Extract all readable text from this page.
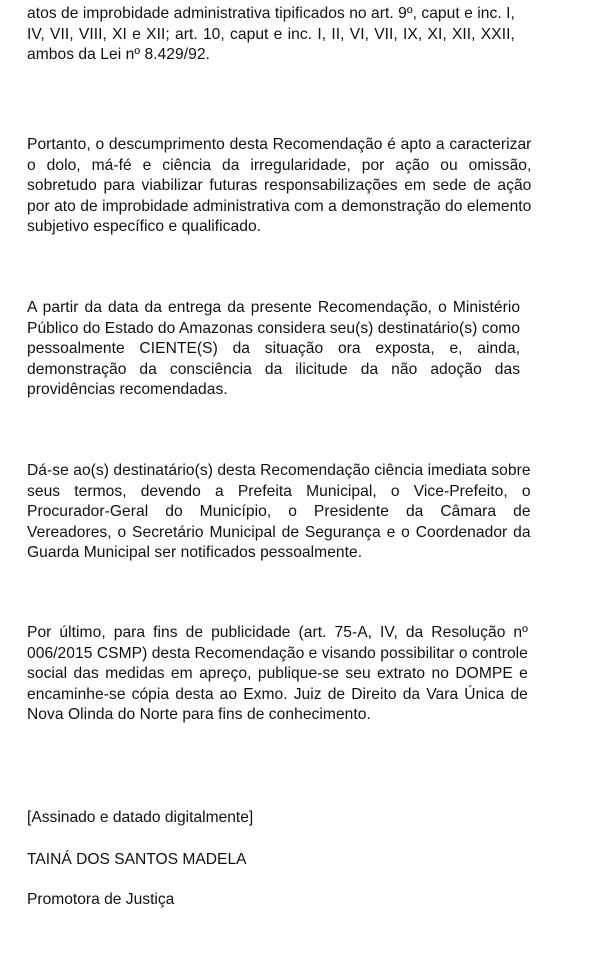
atos de improbidade administrativa tipificados no art. 9º, caput e inc. I,
IV, VII, VIII, XI e XII; art. 10, caput e inc. I, II, VI, VII, IX, XI, XII, XXII,
ambos da Lei nº 8.429/92.

Portanto, o descumprimento desta Recomendação é apto a caracterizar
o dolo, má-fé e ciência da irregularidade, por ação ou omissão,
sobretudo para viabilizar futuras responsabilizações em sede de ação
por ato de improbidade administrativa com a demonstração do elemento
subjetivo específico e qualificado.

A partir da data da entrega da presente Recomendação, o Ministério
Público do Estado do Amazonas considera seu(s) destinatário(s) como
pessoalmente CIENTE(S) da situação ora exposta, e, ainda,
demonstração da consciência da ilicitude da não adoção das
providências recomendadas.

Dá-se ao(s) destinatário(s) desta Recomendação ciência imediata sobre
seus termos, devendo a Prefeita Municipal, o Vice-Prefeito, o
Procurador-Geral do Município, o Presidente da Câmara de
Vereadores, o Secretário Municipal de Segurança e o Coordenador da
Guarda Municipal ser notificados pessoalmente.

Por último, para fins de publicidade (art. 75-A, IV, da Resolução nº
006/2015 CSMP) desta Recomendação e visando possibilitar o controle
social das medidas em apreço, publique-se seu extrato no DOMPE e
encaminhe-se cópia desta ao Exmo. Juiz de Direito da Vara Única de
Nova Olinda do Norte para fins de conhecimento.

[Assinado e datado digitalmente]

TAINÁ DOS SANTOS MADELA

Promotora de Justiça
